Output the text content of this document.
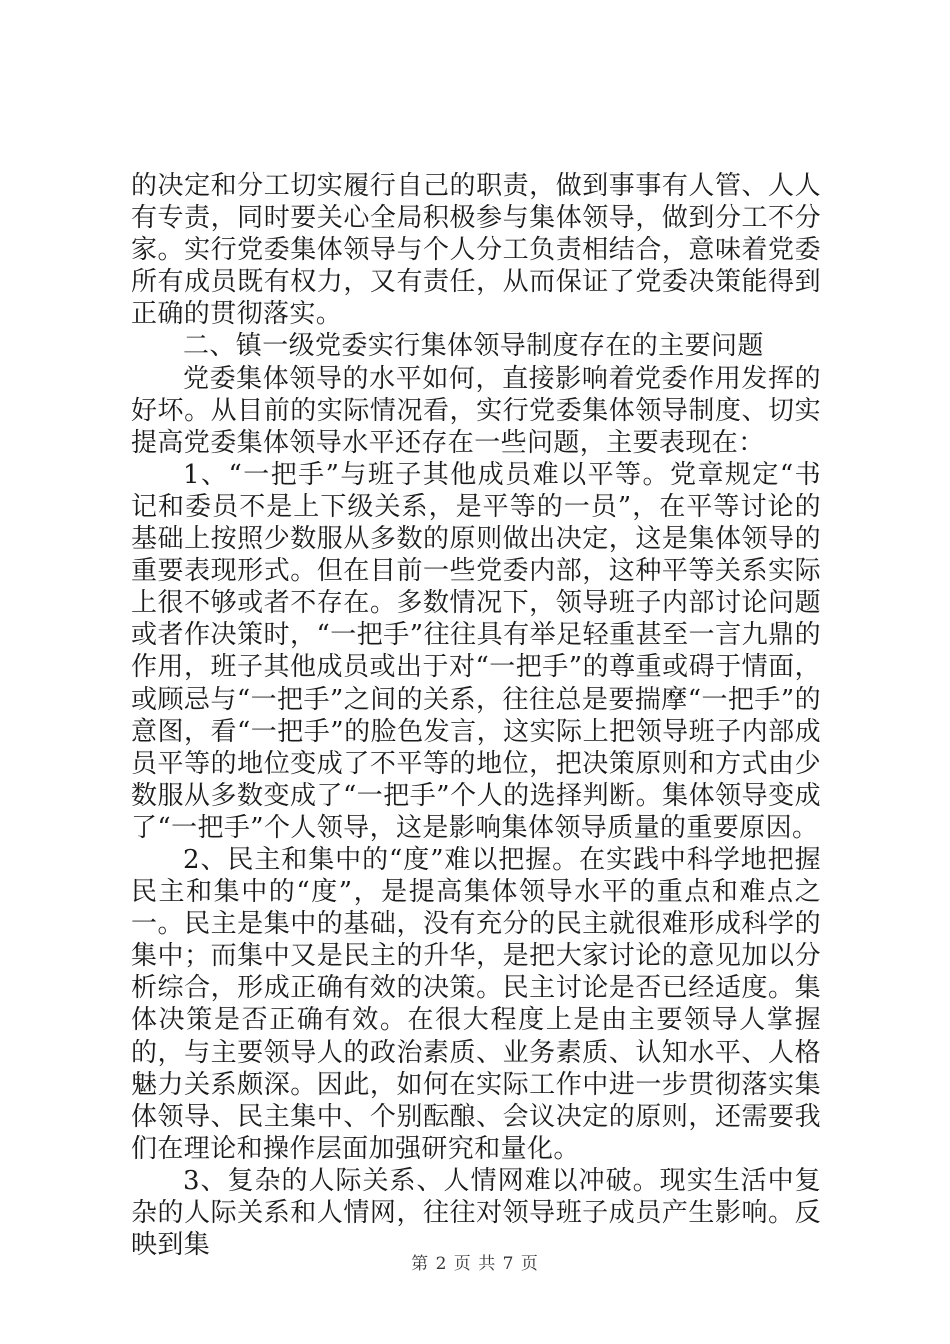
的决定和分工切实履行自己的职责，做到事事有人管、人人有专责，同时要关心全局积极参与集体领导，做到分工不分家。实行党委集体领导与个人分工负责相结合，意味着党委所有成员既有权力，又有责任，从而保证了党委决策能得到正确的贯彻落实。

二、镇一级党委实行集体领导制度存在的主要问题

党委集体领导的水平如何，直接影响着党委作用发挥的好坏。从目前的实际情况看，实行党委集体领导制度、切实提高党委集体领导水平还存在一些问题，主要表现在：

1、“一把手”与班子其他成员难以平等。党章规定“书记和委员不是上下级关系，是平等的一员”，在平等讨论的基础上按照少数服从多数的原则做出决定，这是集体领导的重要表现形式。但在目前一些党委内部，这种平等关系实际上很不够或者不存在。多数情况下，领导班子内部讨论问题或者作决策时，“一把手”往往具有举足轻重甚至一言九鼎的作用，班子其他成员或出于对“一把手”的尊重或碍于情面，或顾忌与“一把手”之间的关系，往往总是要揣摩“一把手”的意图，看“一把手”的脸色发言，这实际上把领导班子内部成员平等的地位变成了不平等的地位，把决策原则和方式由少数服从多数变成了“一把手”个人的选择判断。集体领导变成了“一把手”个人领导，这是影响集体领导质量的重要原因。

2、民主和集中的“度”难以把握。在实践中科学地把握民主和集中的“度”，是提高集体领导水平的重点和难点之一。民主是集中的基础，没有充分的民主就很难形成科学的集中；而集中又是民主的升华，是把大家讨论的意见加以分析综合，形成正确有效的决策。民主讨论是否已经适度。集体决策是否正确有效。在很大程度上是由主要领导人掌握的，与主要领导人的政治素质、业务素质、认知水平、人格魅力关系颇深。因此，如何在实际工作中进一步贯彻落实集体领导、民主集中、个别酝酿、会议决定的原则，还需要我们在理论和操作层面加强研究和量化。

3、复杂的人际关系、人情网难以冲破。现实生活中复杂的人际关系和人情网，往往对领导班子成员产生影响。反映到集

第 2 页 共 7 页
